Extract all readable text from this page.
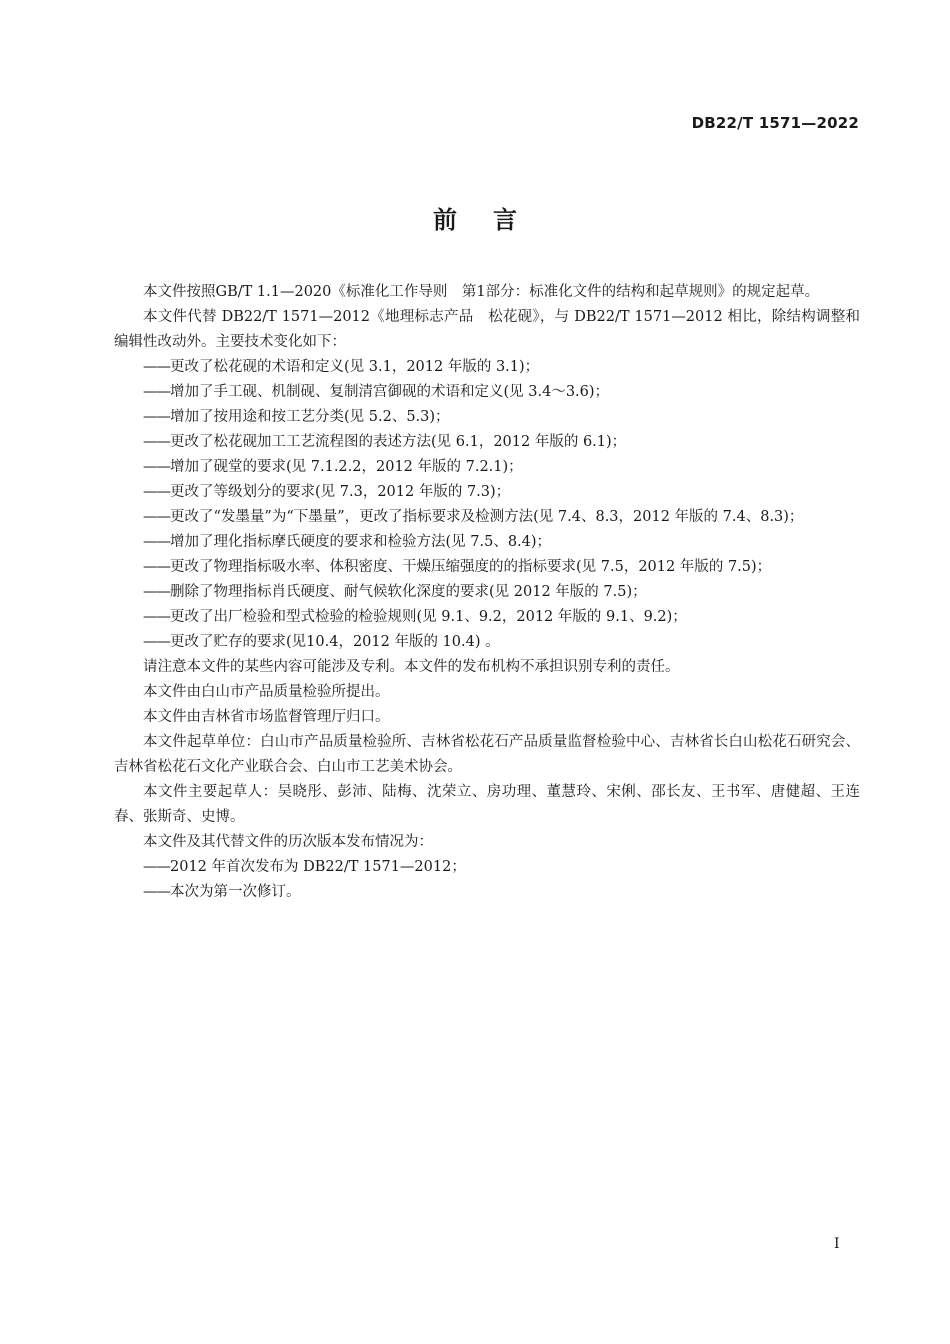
DB22/T 1571—2022
前言

本文件按照GB/T 1.1—2020《标准化工作导则　第1部分：标准化文件的结构和起草规则》的规定起草。

本文件代替 DB22/T 1571—2012《地理标志产品　松花砚》，与 DB22/T 1571—2012 相比，除结构调整和编辑性改动外。主要技术变化如下：

——更改了松花砚的术语和定义(见 3.1，2012 年版的 3.1)；

——增加了手工砚、机制砚、复制清宫御砚的术语和定义(见 3.4～3.6)；

——增加了按用途和按工艺分类(见 5.2、5.3)；

——更改了松花砚加工工艺流程图的表述方法(见 6.1，2012 年版的 6.1)；

——增加了砚堂的要求(见 7.1.2.2，2012 年版的 7.2.1)；

——更改了等级划分的要求(见 7.3，2012 年版的 7.3)；

——更改了“发墨量”为“下墨量”，更改了指标要求及检测方法(见 7.4、8.3，2012 年版的 7.4、8.3)；

——增加了理化指标摩氏硬度的要求和检验方法(见 7.5、8.4)；

——更改了物理指标吸水率、体积密度、干燥压缩强度的的指标要求(见 7.5，2012 年版的 7.5)；

——删除了物理指标肖氏硬度、耐气候软化深度的要求(见 2012 年版的 7.5)；

——更改了出厂检验和型式检验的检验规则(见 9.1、9.2，2012 年版的 9.1、9.2)；

——更改了贮存的要求(见10.4，2012 年版的 10.4) 。

请注意本文件的某些内容可能涉及专利。本文件的发布机构不承担识别专利的责任。

本文件由白山市产品质量检验所提出。

本文件由吉林省市场监督管理厅归口。

本文件起草单位：白山市产品质量检验所、吉林省松花石产品质量监督检验中心、吉林省长白山松花石研究会、吉林省松花石文化产业联合会、白山市工艺美术协会。

本文件主要起草人：吴晓彤、彭沛、陆梅、沈荣立、房功理、董慧玲、宋俐、邵长友、王书军、唐健超、王连春、张斯奇、史博。

本文件及其代替文件的历次版本发布情况为：

——2012 年首次发布为 DB22/T 1571—2012；

——本次为第一次修订。

I
